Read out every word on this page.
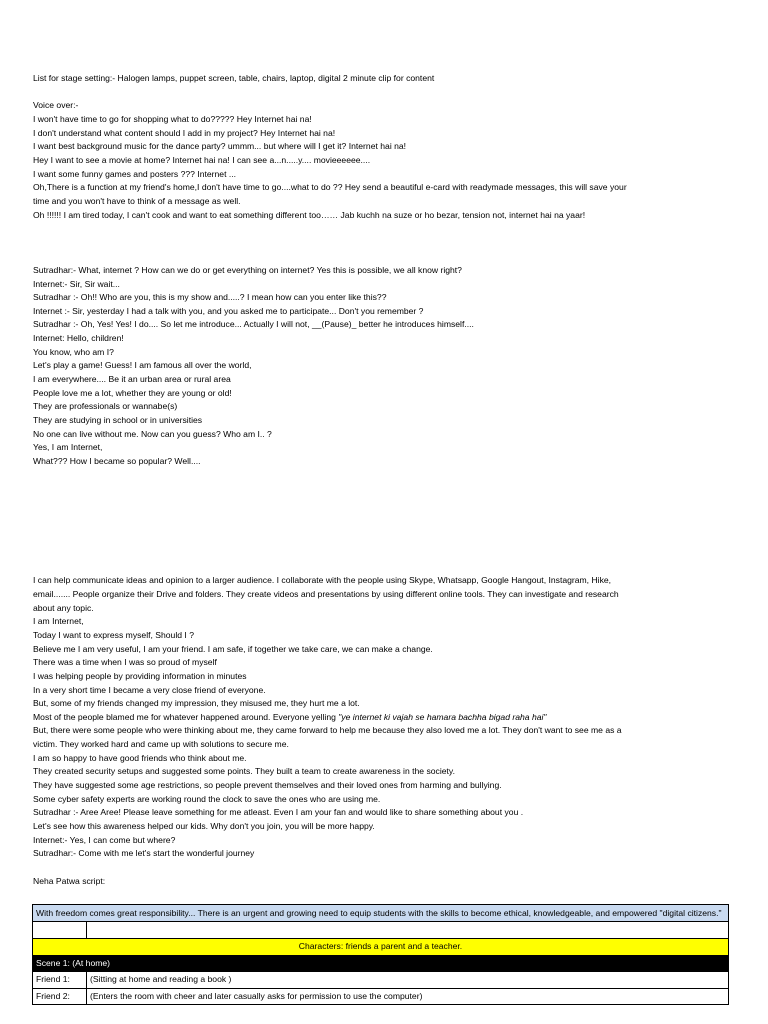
List for stage setting:- Halogen lamps, puppet screen, table, chairs, laptop, digital 2 minute clip for content
Voice over:-
I won't have time to go for shopping what to do????? Hey Internet hai na!
I don't understand what content should I add in my project? Hey Internet hai na!
I want best background music for the dance party? ummm... but where will I get it? Internet hai na!
Hey I want to see a movie at home? Internet hai na! I can see a...n.....y.... movieeeeee....
I want some funny games and posters ??? Internet ...
Oh,There is a function at my friend's home,I don't have time to go....what to do ?? Hey send a beautiful e-card with readymade messages, this will save your
time and you won't have to think of a message as well.
Oh !!!!!! I am tired today, I can't cook and want to eat something different too…… Jab kuchh na suze or ho bezar, tension not, internet hai na yaar!
Sutradhar:- What, internet ? How can we do or get everything on internet? Yes this is possible, we all know right?
Internet:- Sir, Sir wait...
Sutradhar :- Oh!! Who are you, this is my show and.....? I mean how can you enter like this??
Internet :- Sir, yesterday I had a talk with you, and you asked me to participate... Don't you remember ?
Sutradhar :- Oh, Yes! Yes! I do.... So let me introduce... Actually I will not, __(Pause)_ better he introduces himself....
Internet: Hello, children!
You know, who am I?
Let's play a game! Guess! I am famous all over the world,
I am everywhere.... Be it an urban area or rural area
People love me a lot, whether they are young or old!
They are professionals or wannabe(s)
They are studying in school or in universities
No one can live without me. Now can you guess? Who am I.. ?
Yes, I am Internet,
What??? How I became so popular? Well....
I can help communicate ideas and opinion to a larger audience. I collaborate with the people using Skype, Whatsapp, Google Hangout, Instagram, Hike,
email....... People organize their Drive and folders. They create videos and presentations by using different online tools. They can investigate and research
about any topic.
I am Internet,
Today I want to express myself, Should I ?
Believe me I am very useful, I am your friend. I am safe, if together we take care, we can make a change.
There was a time when I was so proud of myself
I was helping people by providing information in minutes
In a very short time I became a very close friend of everyone.
But, some of my friends changed my impression, they misused me, they hurt me a lot.
Most of the people blamed me for whatever happened around. Everyone yelling "ye internet ki vajah se hamara bachha bigad raha hai"
But, there were some people who were thinking about me, they came forward to help me because they also loved me a lot. They don't want to see me as a
victim. They worked hard and came up with solutions to secure me.
I am so happy to have good friends who think about me.
They created security setups and suggested some points. They built a team to create awareness in the society.
They have suggested some age restrictions, so people prevent themselves and their loved ones from harming and bullying.
Some cyber safety experts are working round the clock to save the ones who are using me.
Sutradhar :- Aree Aree! Please leave something for me atleast. Even I am your fan and would like to share something about you .
Let's see how this awareness helped our kids. Why don't you join, you will be more happy.
Internet:- Yes, I can come but where?
Sutradhar:- Come with me let's start the wonderful journey
Neha Patwa script:
With freedom comes great responsibility... There is an urgent and growing need to equip students with the skills to become ethical, knowledgeable, and empowered "digital citizens."	

Characters: friends a parent and a teacher.	
Scene 1: (At home)	
Friend 1:	(Sitting at home and reading a book )
Friend 2:	(Enters the room with cheer and later casually asks for permission to use the computer)
